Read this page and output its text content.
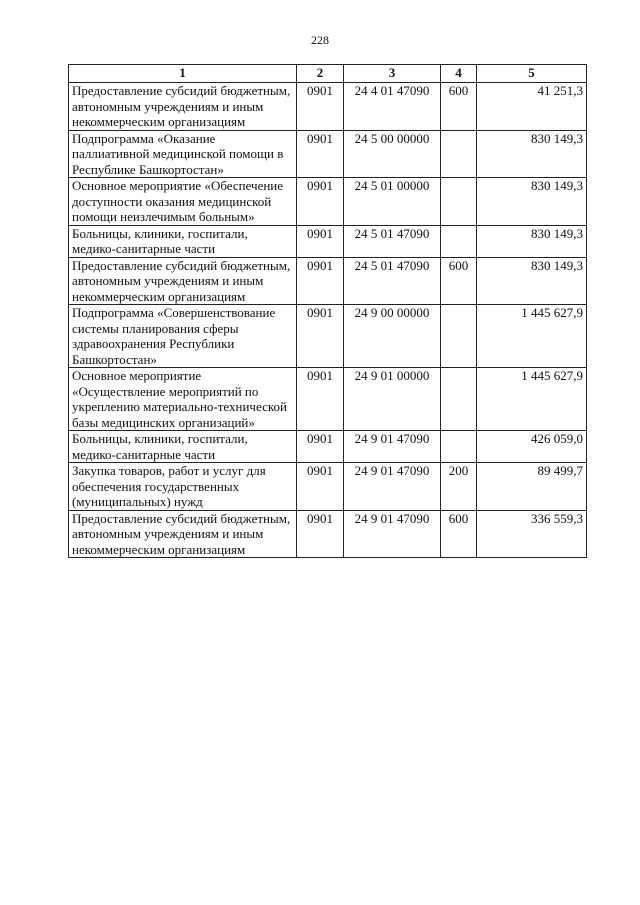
228
1	2	3	4	5
Предоставление субсидий бюджетным, автономным учреждениям и иным некоммерческим организациям	0901	24 4 01 47090	600	41 251,3
Подпрограмма «Оказание паллиативной медицинской помощи в Республике Башкортостан»	0901	24 5 00 00000		830 149,3
Основное мероприятие «Обеспечение доступности оказания медицинской помощи неизлечимым больным»	0901	24 5 01 00000		830 149,3
Больницы, клиники, госпитали, медико-санитарные части	0901	24 5 01 47090		830 149,3
Предоставление субсидий бюджетным, автономным учреждениям и иным некоммерческим организациям	0901	24 5 01 47090	600	830 149,3
Подпрограмма «Совершенствование системы планирования сферы здравоохранения Республики Башкортостан»	0901	24 9 00 00000		1 445 627,9
Основное мероприятие «Осуществление мероприятий по укреплению материально-технической базы медицинских организаций»	0901	24 9 01 00000		1 445 627,9
Больницы, клиники, госпитали, медико-санитарные части	0901	24 9 01 47090		426 059,0
Закупка товаров, работ и услуг для обеспечения государственных (муниципальных) нужд	0901	24 9 01 47090	200	89 499,7
Предоставление субсидий бюджетным, автономным учреждениям и иным некоммерческим организациям	0901	24 9 01 47090	600	336 559,3
